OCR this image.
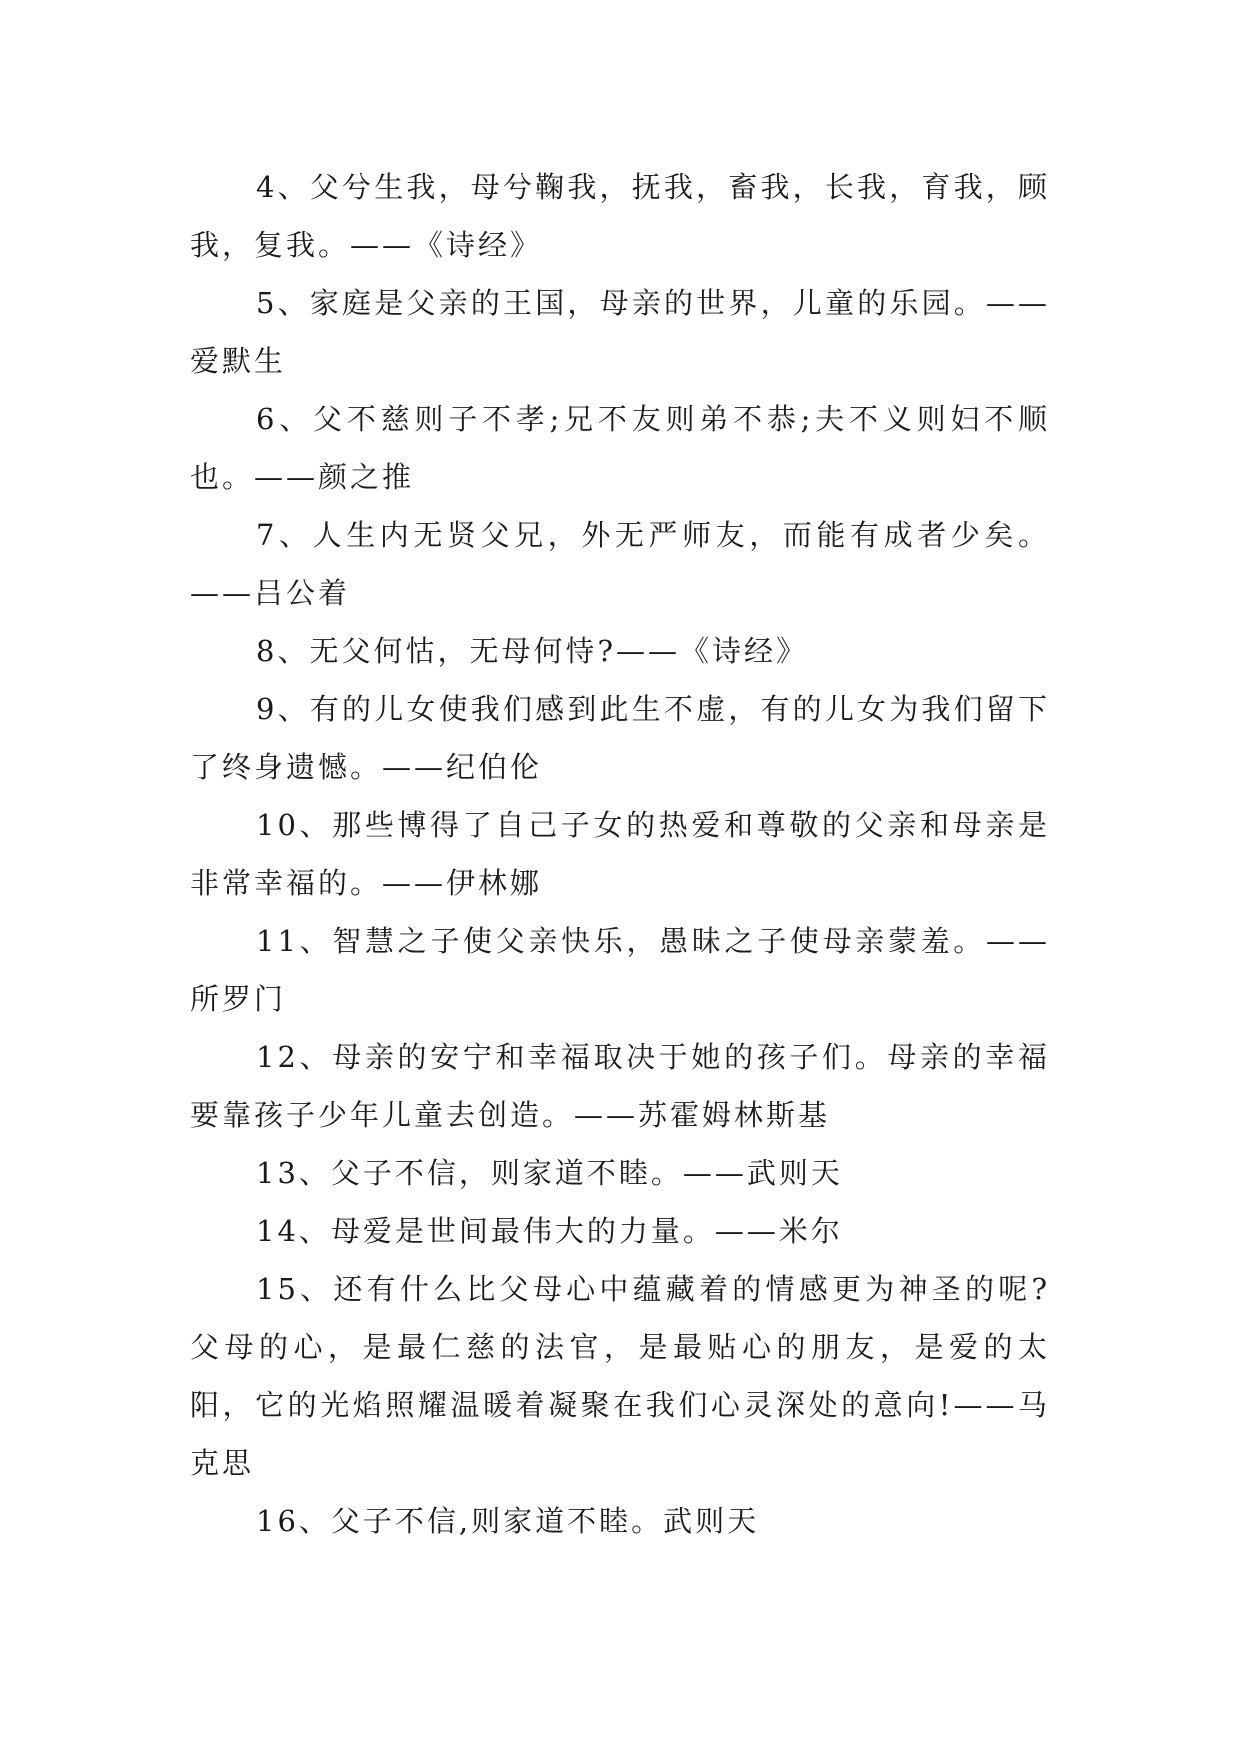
4、父兮生我，母兮鞠我，抚我，畜我，长我，育我，顾我，复我。——《诗经》

5、家庭是父亲的王国，母亲的世界，儿童的乐园。——爱默生

6、父不慈则子不孝;兄不友则弟不恭;夫不义则妇不顺也。——颜之推

7、人生内无贤父兄，外无严师友，而能有成者少矣。——吕公着

8、无父何怙，无母何恃?——《诗经》

9、有的儿女使我们感到此生不虚，有的儿女为我们留下了终身遗憾。——纪伯伦

10、那些博得了自己子女的热爱和尊敬的父亲和母亲是非常幸福的。——伊林娜

11、智慧之子使父亲快乐，愚昧之子使母亲蒙羞。——所罗门

12、母亲的安宁和幸福取决于她的孩子们。母亲的幸福要靠孩子少年儿童去创造。——苏霍姆林斯基

13、父子不信，则家道不睦。——武则天

14、母爱是世间最伟大的力量。——米尔

15、还有什么比父母心中蕴藏着的情感更为神圣的呢?父母的心，是最仁慈的法官，是最贴心的朋友，是爱的太阳，它的光焰照耀温暖着凝聚在我们心灵深处的意向!——马克思

16、父子不信,则家道不睦。武则天
